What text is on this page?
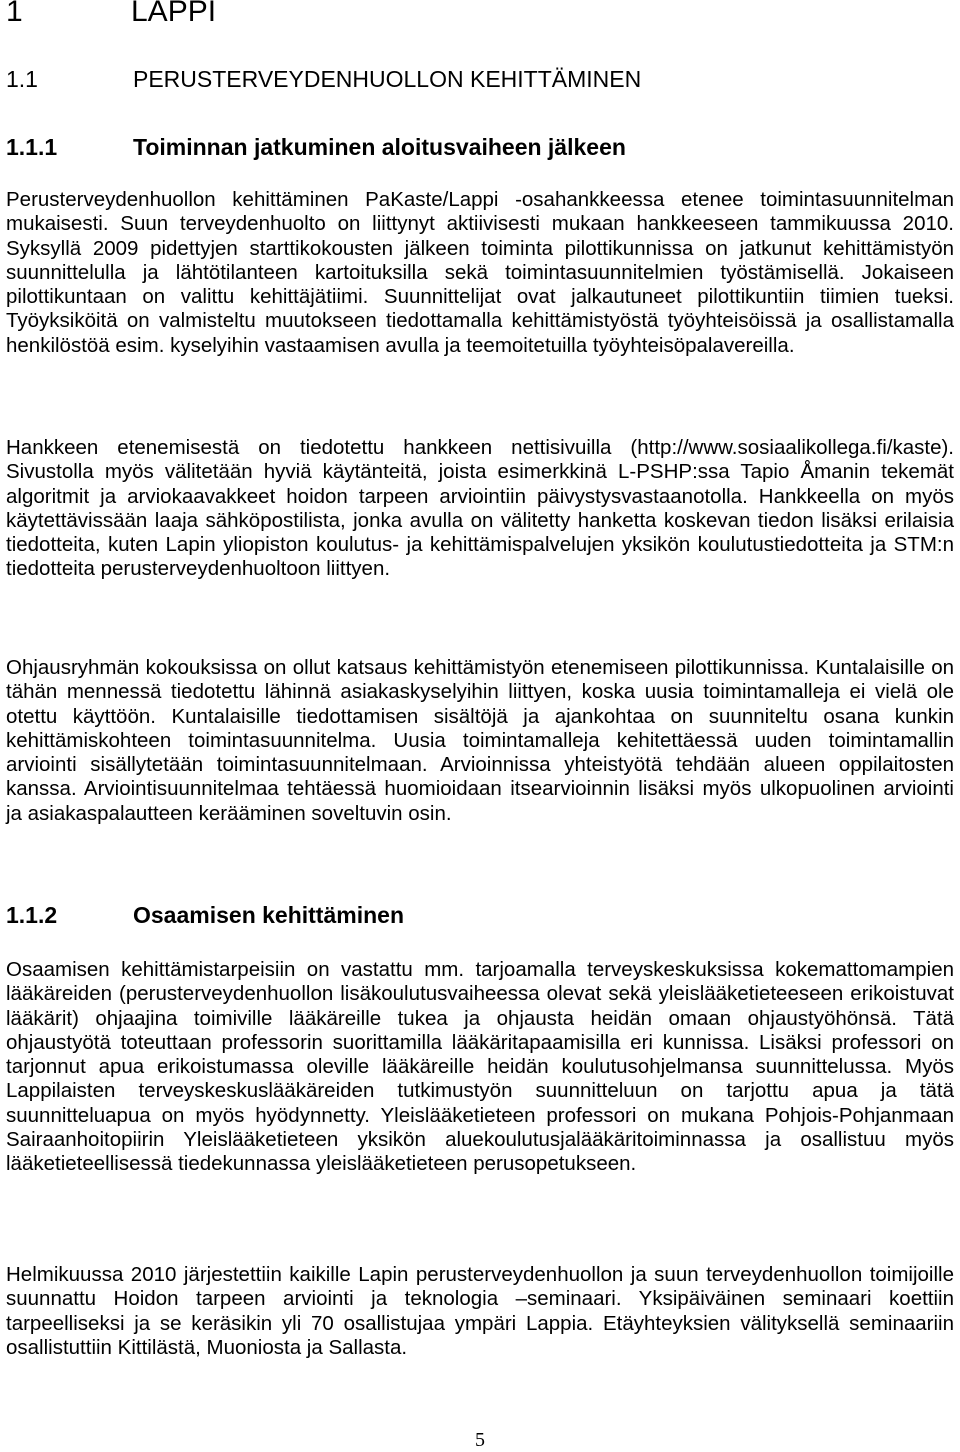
1	LAPPI
1.1	PERUSTERVEYDENHUOLLON KEHITTÄMINEN
1.1.1	Toiminnan jatkuminen aloitusvaiheen jälkeen

Perusterveydenhuollon kehittäminen PaKaste/Lappi -osahankkeessa etenee toimintasuunnitelman mukaisesti. Suun terveydenhuolto on liittynyt aktiivisesti mukaan hankkeeseen tammikuussa 2010. Syksyllä 2009 pidettyjen starttikokousten jälkeen toiminta pilottikunnissa on jatkunut kehittämistyön suunnittelulla ja lähtötilanteen kartoituksilla sekä toimintasuunnitelmien työstämisellä. Jokaiseen pilottikuntaan on valittu kehittäjätiimi. Suunnittelijat ovat jalkautuneet pilottikuntiin tiimien tueksi. Työyksiköitä on valmisteltu muutokseen tiedottamalla kehittämistyöstä työyhteisöissä ja osallistamalla henkilöstöä esim. kyselyihin vastaamisen avulla ja teemoitetuilla työyhteisöpalavereilla.

Hankkeen etenemisestä on tiedotettu hankkeen nettisivuilla (http://www.sosiaalikollega.fi/kaste). Sivustolla myös välitetään hyviä käytänteitä, joista esimerkkinä L-PSHP:ssa Tapio Åmanin tekemät algoritmit ja arviokaavakkeet hoidon tarpeen arviointiin päivystysvastaanotolla. Hankkeella on myös käytettävissään laaja sähköpostilista, jonka avulla on välitetty hanketta koskevan tiedon lisäksi erilaisia tiedotteita, kuten Lapin yliopiston koulutus- ja kehittämispalvelujen yksikön koulutustiedotteita ja STM:n tiedotteita perusterveydenhuoltoon liittyen.

Ohjausryhmän kokouksissa on ollut katsaus kehittämistyön etenemiseen pilottikunnissa. Kuntalaisille on tähän mennessä tiedotettu lähinnä asiakaskyselyihin liittyen, koska uusia toimintamalleja ei vielä ole otettu käyttöön. Kuntalaisille tiedottamisen sisältöjä ja ajankohtaa on suunniteltu osana kunkin kehittämiskohteen toimintasuunnitelma. Uusia toimintamalleja kehitettäessä uuden toimintamallin arviointi sisällytetään toimintasuunnitelmaan. Arvioinnissa yhteistyötä tehdään alueen oppilaitosten kanssa. Arviointisuunnitelmaa tehtäessä huomioidaan itsearvioinnin lisäksi myös ulkopuolinen arviointi ja asiakaspalautteen kerääminen soveltuvin osin.

1.1.2	Osaamisen kehittäminen

Osaamisen kehittämistarpeisiin on vastattu mm. tarjoamalla terveyskeskuksissa kokemattomampien lääkäreiden (perusterveydenhuollon lisäkoulutusvaiheessa olevat sekä yleislääketieteeseen erikoistuvat lääkärit) ohjaajina toimiville lääkäreille tukea ja ohjausta heidän omaan ohjaustyöhönsä. Tätä ohjaustyötä toteuttaan professorin suorittamilla lääkäritapaamisilla eri kunnissa. Lisäksi professori on tarjonnut apua erikoistumassa oleville lääkäreille heidän koulutusohjelmansa suunnittelussa. Myös Lappilaisten terveyskeskuslääkäreiden tutkimustyön suunnitteluun on tarjottu apua ja tätä suunnitteluapua on myös hyödynnetty. Yleislääketieteen professori on mukana Pohjois-Pohjanmaan Sairaanhoitopiirin Yleislääketieteen yksikön aluekoulutusjalääkäritoiminnassa ja osallistuu myös lääketieteellisessä tiedekunnassa yleislääketieteen perusopetukseen.

Helmikuussa 2010 järjestettiin kaikille Lapin perusterveydenhuollon ja suun terveydenhuollon toimijoille suunnattu Hoidon tarpeen arviointi ja teknologia –seminaari. Yksipäiväinen seminaari koettiin tarpeelliseksi ja se keräsikin yli 70 osallistujaa ympäri Lappia. Etäyhteyksien välityksellä seminaariin osallistuttiin Kittilästä, Muoniosta ja Sallasta.

5
